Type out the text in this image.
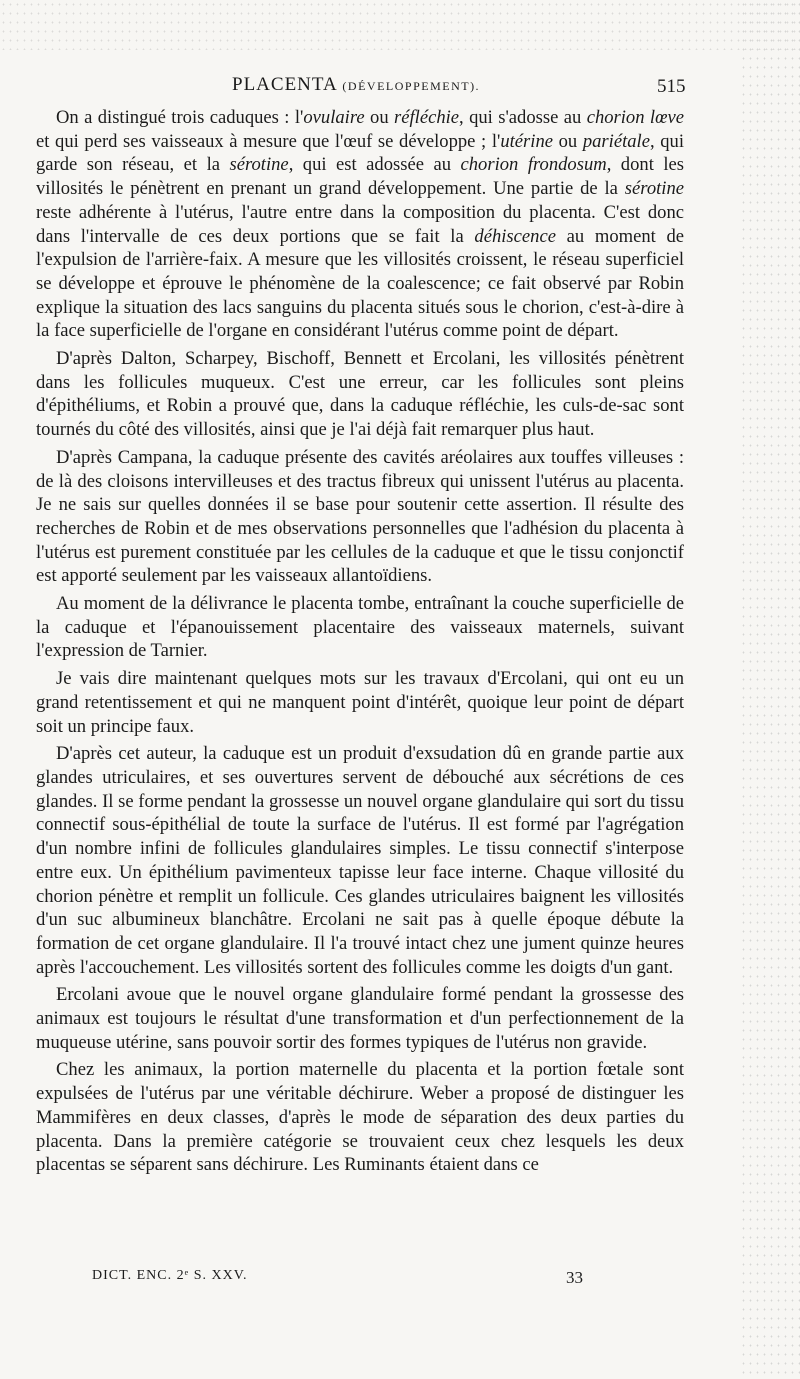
PLACENTA (DÉVELOPPEMENT).	515

On a distingué trois caduques : l'ovulaire ou réfléchie, qui s'adosse au chorion lœve et qui perd ses vaisseaux à mesure que l'œuf se développe ; l'utérine ou pariétale, qui garde son réseau, et la sérotine, qui est adossée au chorion frondosum, dont les villosités le pénètrent en prenant un grand développement. Une partie de la sérotine reste adhérente à l'utérus, l'autre entre dans la composition du placenta. C'est donc dans l'intervalle de ces deux portions que se fait la déhiscence au moment de l'expulsion de l'arrière-faix. A mesure que les villosités croissent, le réseau superficiel se développe et éprouve le phénomène de la coalescence; ce fait observé par Robin explique la situation des lacs sanguins du placenta situés sous le chorion, c'est-à-dire à la face superficielle de l'organe en considérant l'utérus comme point de départ.

D'après Dalton, Scharpey, Bischoff, Bennett et Ercolani, les villosités pénètrent dans les follicules muqueux. C'est une erreur, car les follicules sont pleins d'épithéliums, et Robin a prouvé que, dans la caduque réfléchie, les culs-de-sac sont tournés du côté des villosités, ainsi que je l'ai déjà fait remarquer plus haut.

D'après Campana, la caduque présente des cavités aréolaires aux touffes villeuses : de là des cloisons intervilleuses et des tractus fibreux qui unissent l'utérus au placenta. Je ne sais sur quelles données il se base pour soutenir cette assertion. Il résulte des recherches de Robin et de mes observations personnelles que l'adhésion du placenta à l'utérus est purement constituée par les cellules de la caduque et que le tissu conjonctif est apporté seulement par les vaisseaux allantoïdiens.

Au moment de la délivrance le placenta tombe, entraînant la couche superficielle de la caduque et l'épanouissement placentaire des vaisseaux maternels, suivant l'expression de Tarnier.

Je vais dire maintenant quelques mots sur les travaux d'Ercolani, qui ont eu un grand retentissement et qui ne manquent point d'intérêt, quoique leur point de départ soit un principe faux.

D'après cet auteur, la caduque est un produit d'exsudation dû en grande partie aux glandes utriculaires, et ses ouvertures servent de débouché aux sécrétions de ces glandes. Il se forme pendant la grossesse un nouvel organe glandulaire qui sort du tissu connectif sous-épithélial de toute la surface de l'utérus. Il est formé par l'agrégation d'un nombre infini de follicules glandulaires simples. Le tissu connectif s'interpose entre eux. Un épithélium pavimenteux tapisse leur face interne. Chaque villosité du chorion pénètre et remplit un follicule. Ces glandes utriculaires baignent les villosités d'un suc albumineux blanchâtre. Ercolani ne sait pas à quelle époque débute la formation de cet organe glandulaire. Il l'a trouvé intact chez une jument quinze heures après l'accouchement. Les villosités sortent des follicules comme les doigts d'un gant.

Ercolani avoue que le nouvel organe glandulaire formé pendant la grossesse des animaux est toujours le résultat d'une transformation et d'un perfectionnement de la muqueuse utérine, sans pouvoir sortir des formes typiques de l'utérus non gravide.

Chez les animaux, la portion maternelle du placenta et la portion fœtale sont expulsées de l'utérus par une véritable déchirure. Weber a proposé de distinguer les Mammifères en deux classes, d'après le mode de séparation des deux parties du placenta. Dans la première catégorie se trouvaient ceux chez lesquels les deux placentas se séparent sans déchirure. Les Ruminants étaient dans ce

DICT. ENC. 2ᵉ S. XXV.	33
